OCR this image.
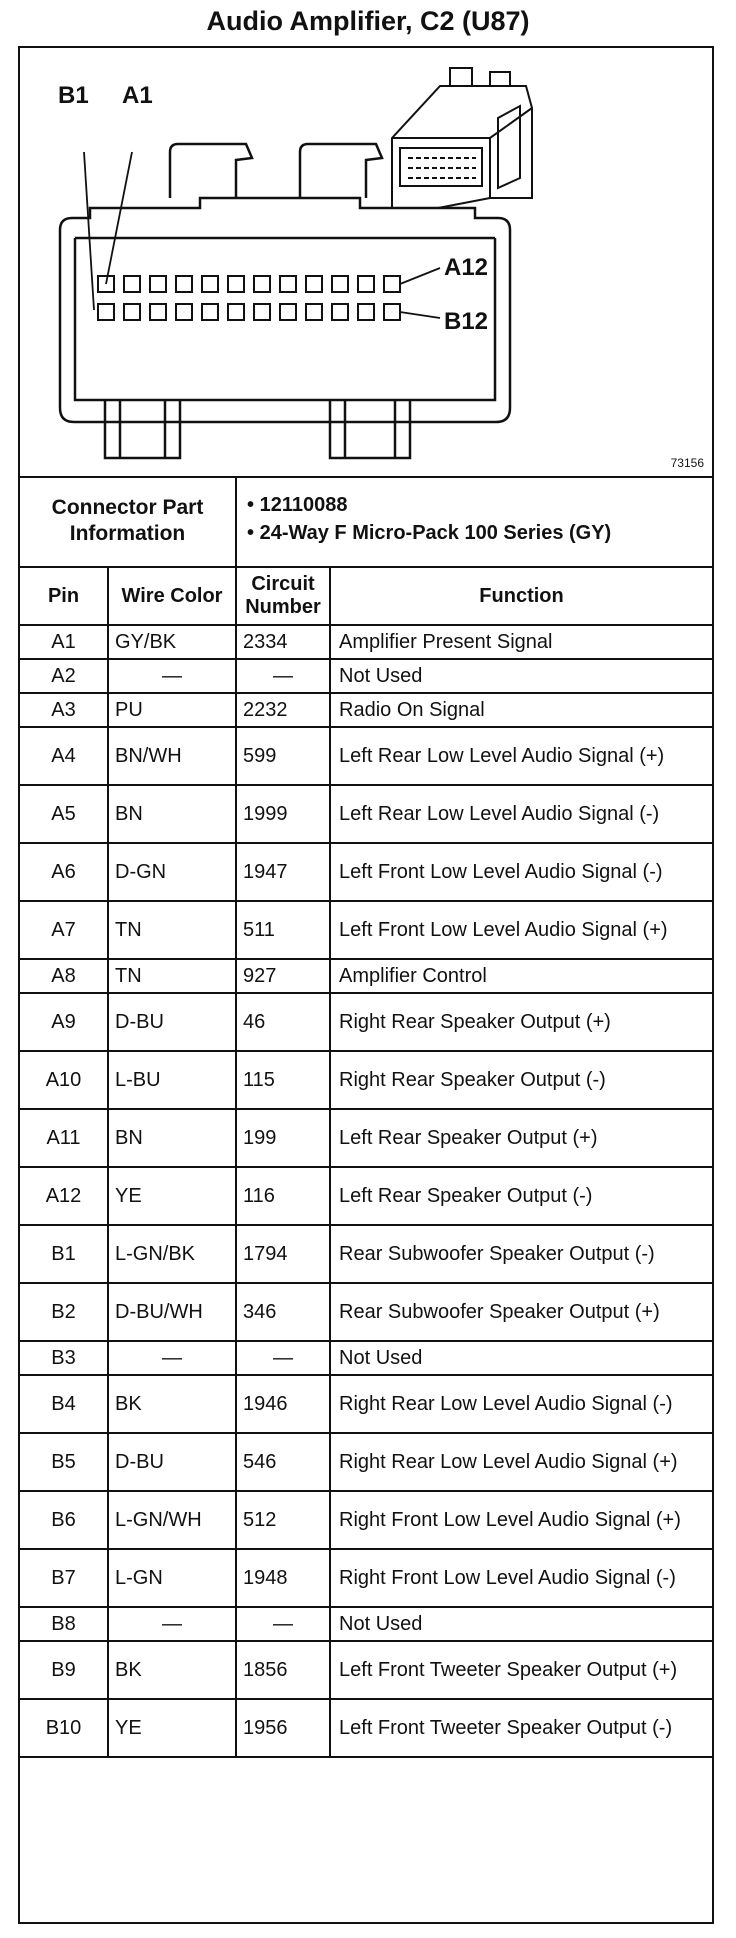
Audio Amplifier, C2 (U87)
B1 A1
A12
B12
73156
Connector Part Information		• 12110088
• 24-Way F Micro-Pack 100 Series (GY)	

Pin	Wire Color	Circuit Number	Function
A1	GY/BK	2334	Amplifier Present Signal
A2	—	—	Not Used
A3	PU	2232	Radio On Signal
A4	BN/WH	599	Left Rear Low Level Audio Signal (+)
A5	BN	1999	Left Rear Low Level Audio Signal (-)
A6	D-GN	1947	Left Front Low Level Audio Signal (-)
A7	TN	511	Left Front Low Level Audio Signal (+)
A8	TN	927	Amplifier Control
A9	D-BU	46	Right Rear Speaker Output (+)
A10	L-BU	115	Right Rear Speaker Output (-)
A11	BN	199	Left Rear Speaker Output (+)
A12	YE	116	Left Rear Speaker Output (-)
B1	L-GN/BK	1794	Rear Subwoofer Speaker Output (-)
B2	D-BU/WH	346	Rear Subwoofer Speaker Output (+)
B3	—	—	Not Used
B4	BK	1946	Right Rear Low Level Audio Signal (-)
B5	D-BU	546	Right Rear Low Level Audio Signal (+)
B6	L-GN/WH	512	Right Front Low Level Audio Signal (+)
B7	L-GN	1948	Right Front Low Level Audio Signal (-)
B8	—	—	Not Used
B9	BK	1856	Left Front Tweeter Speaker Output (+)
B10	YE	1956	Left Front Tweeter Speaker Output (-)
